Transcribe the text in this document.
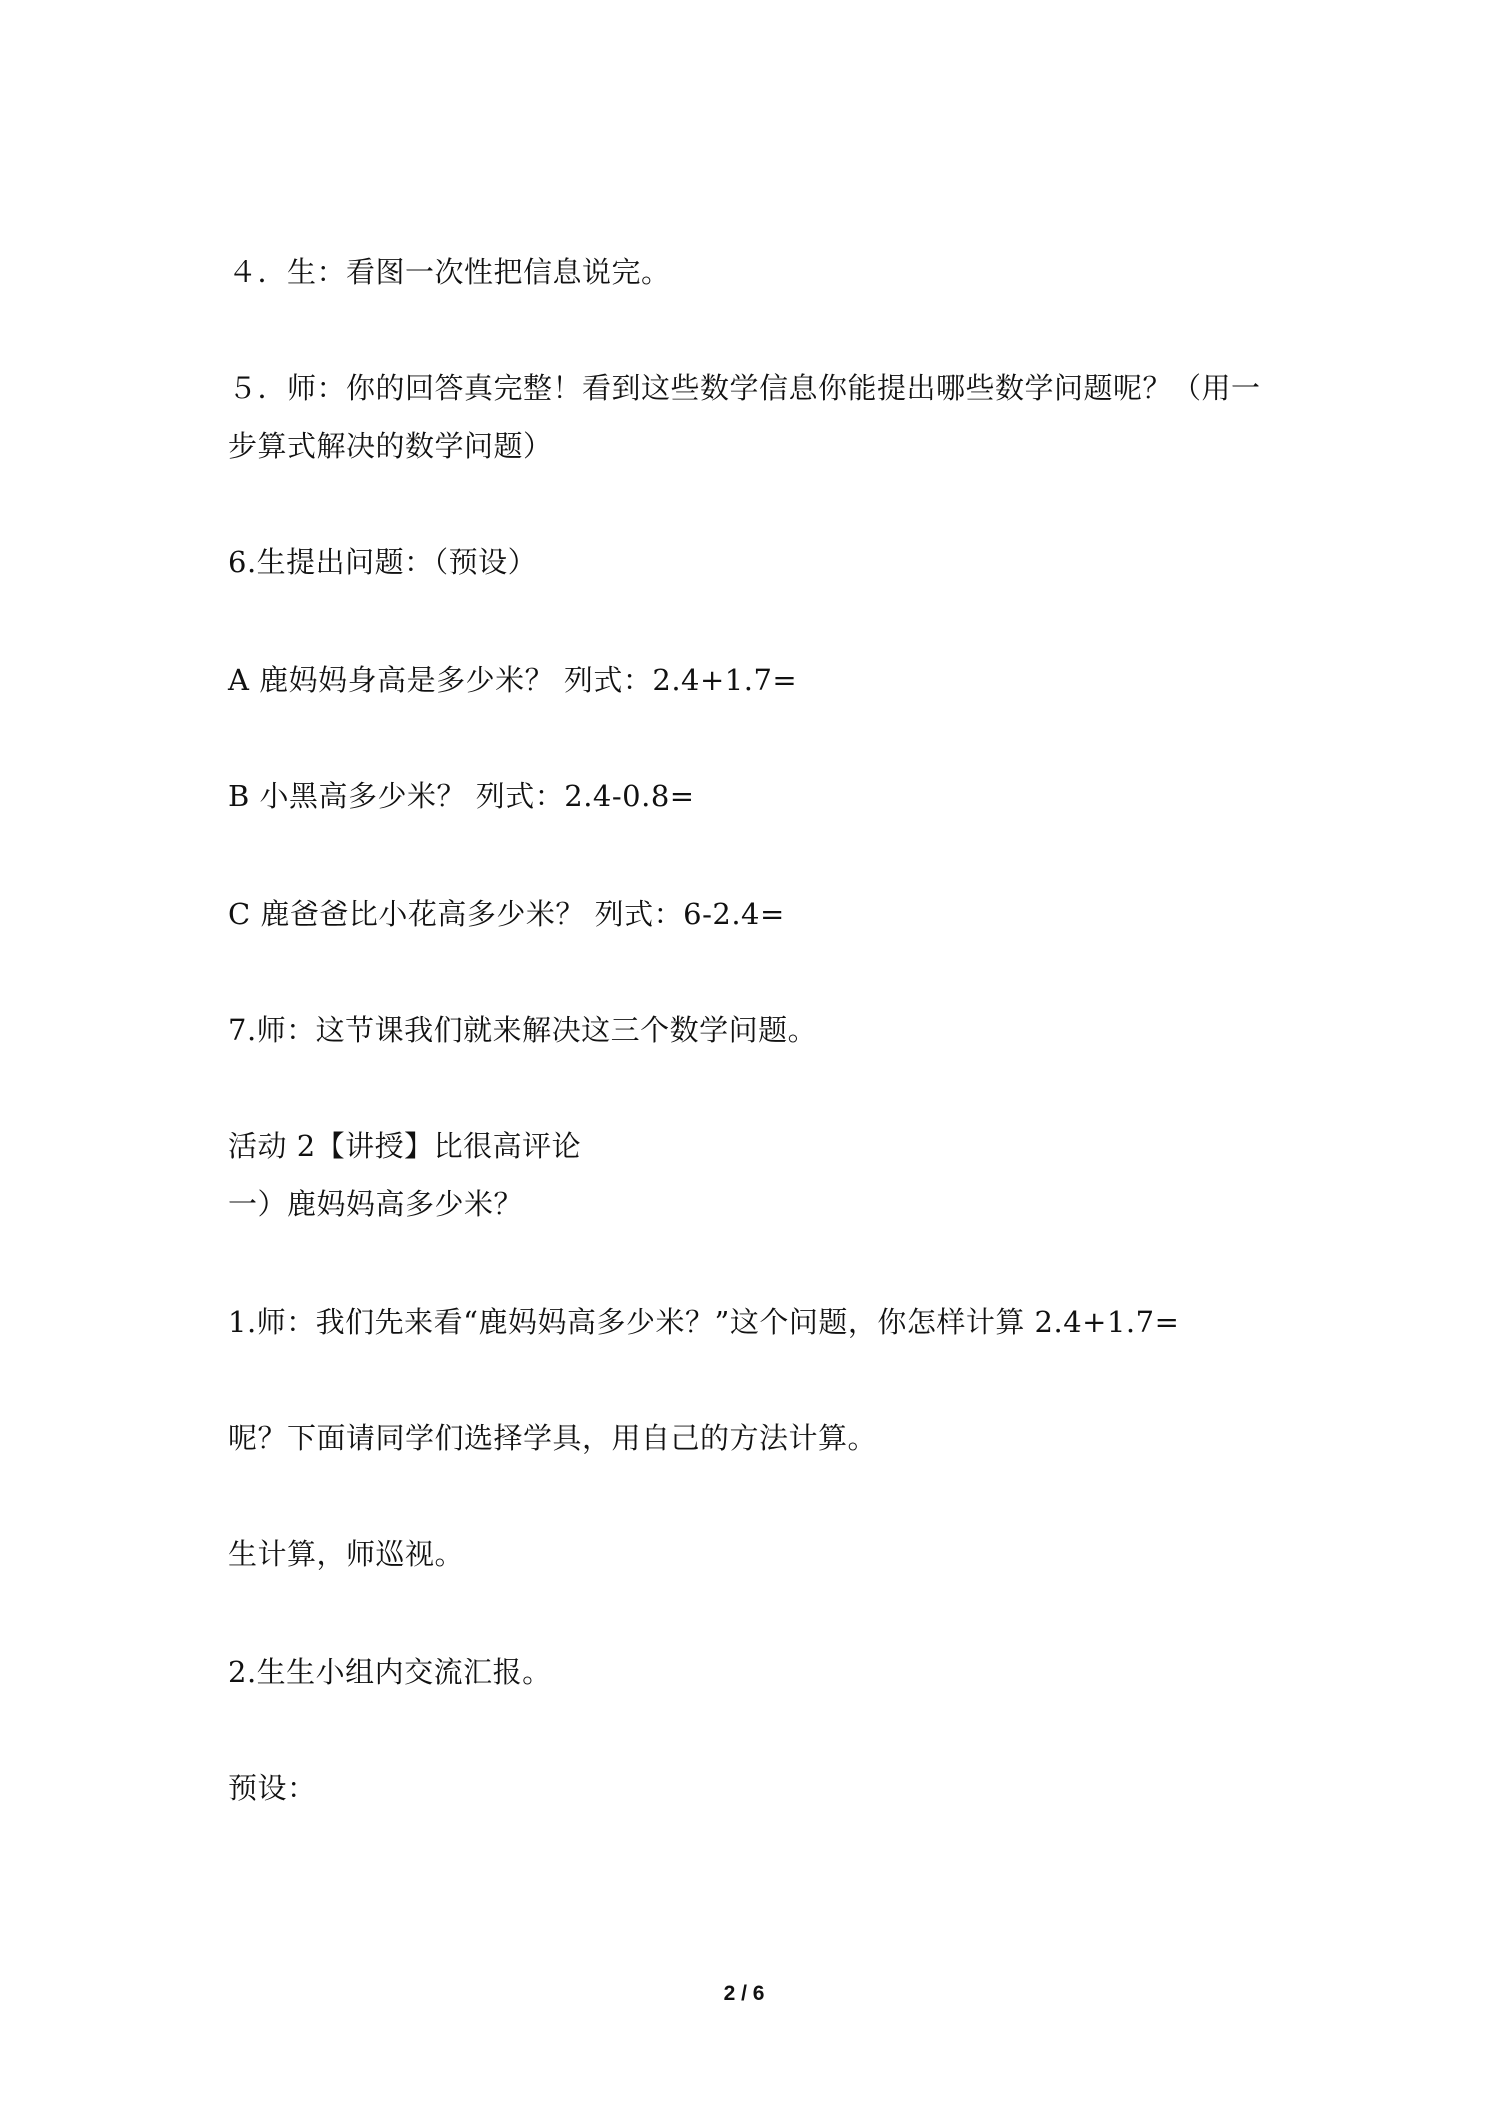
４．生：看图一次性把信息说完。
５．师：你的回答真完整！看到这些数学信息你能提出哪些数学问题呢？（用一
步算式解决的数学问题）
6.生提出问题：（预设）
A 鹿妈妈身高是多少米？ 列式：2.4+1.7=
B 小黑高多少米？ 列式：2.4-0.8=
C 鹿爸爸比小花高多少米？ 列式：6-2.4=
7.师：这节课我们就来解决这三个数学问题。
活动 2【讲授】比很高评论
一）鹿妈妈高多少米？
1.师：我们先来看“鹿妈妈高多少米？”这个问题，你怎样计算 2.4+1.7=
呢？下面请同学们选择学具，用自己的方法计算。
生计算，师巡视。
2.生生小组内交流汇报。
预设：
2 / 6
